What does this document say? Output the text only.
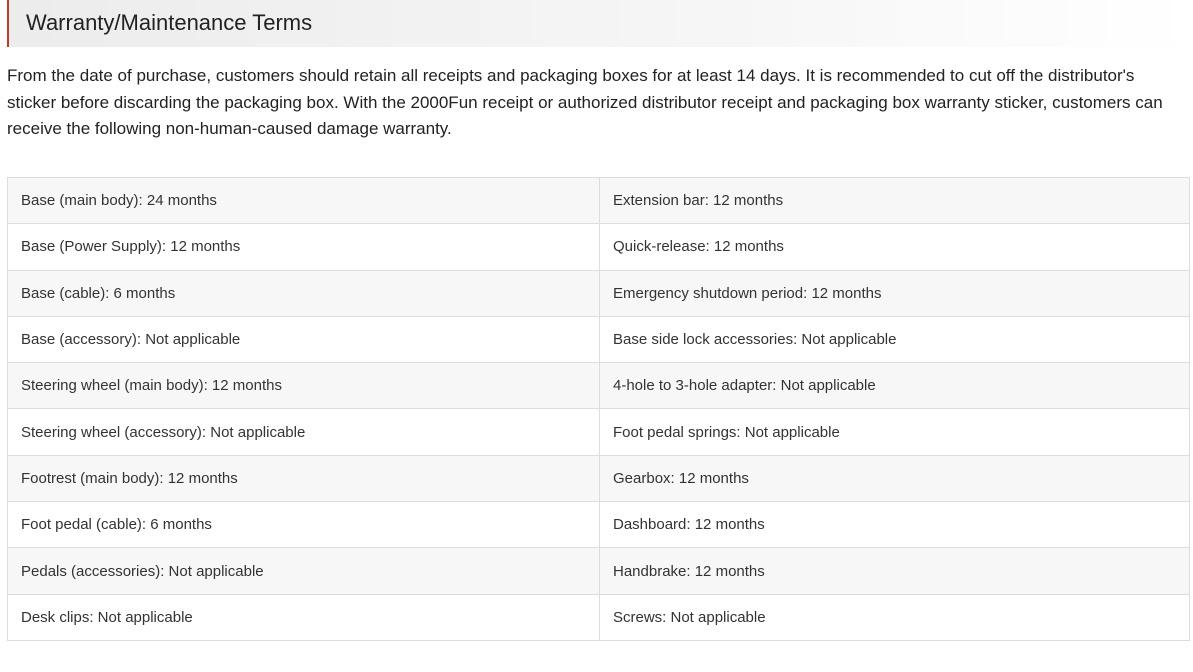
Warranty/Maintenance Terms
From the date of purchase, customers should retain all receipts and packaging boxes for at least 14 days. It is recommended to cut off the distributor's sticker before discarding the packaging box. With the 2000Fun receipt or authorized distributor receipt and packaging box warranty sticker, customers can receive the following non-human-caused damage warranty.
Base (main body): 24 months	Extension bar: 12 months
Base (Power Supply): 12 months	Quick-release: 12 months
Base (cable): 6 months	Emergency shutdown period: 12 months
Base (accessory): Not applicable	Base side lock accessories: Not applicable
Steering wheel (main body): 12 months	4-hole to 3-hole adapter: Not applicable
Steering wheel (accessory): Not applicable	Foot pedal springs: Not applicable
Footrest (main body): 12 months	Gearbox: 12 months
Foot pedal (cable): 6 months	Dashboard: 12 months
Pedals (accessories): Not applicable	Handbrake: 12 months
Desk clips: Not applicable	Screws: Not applicable
